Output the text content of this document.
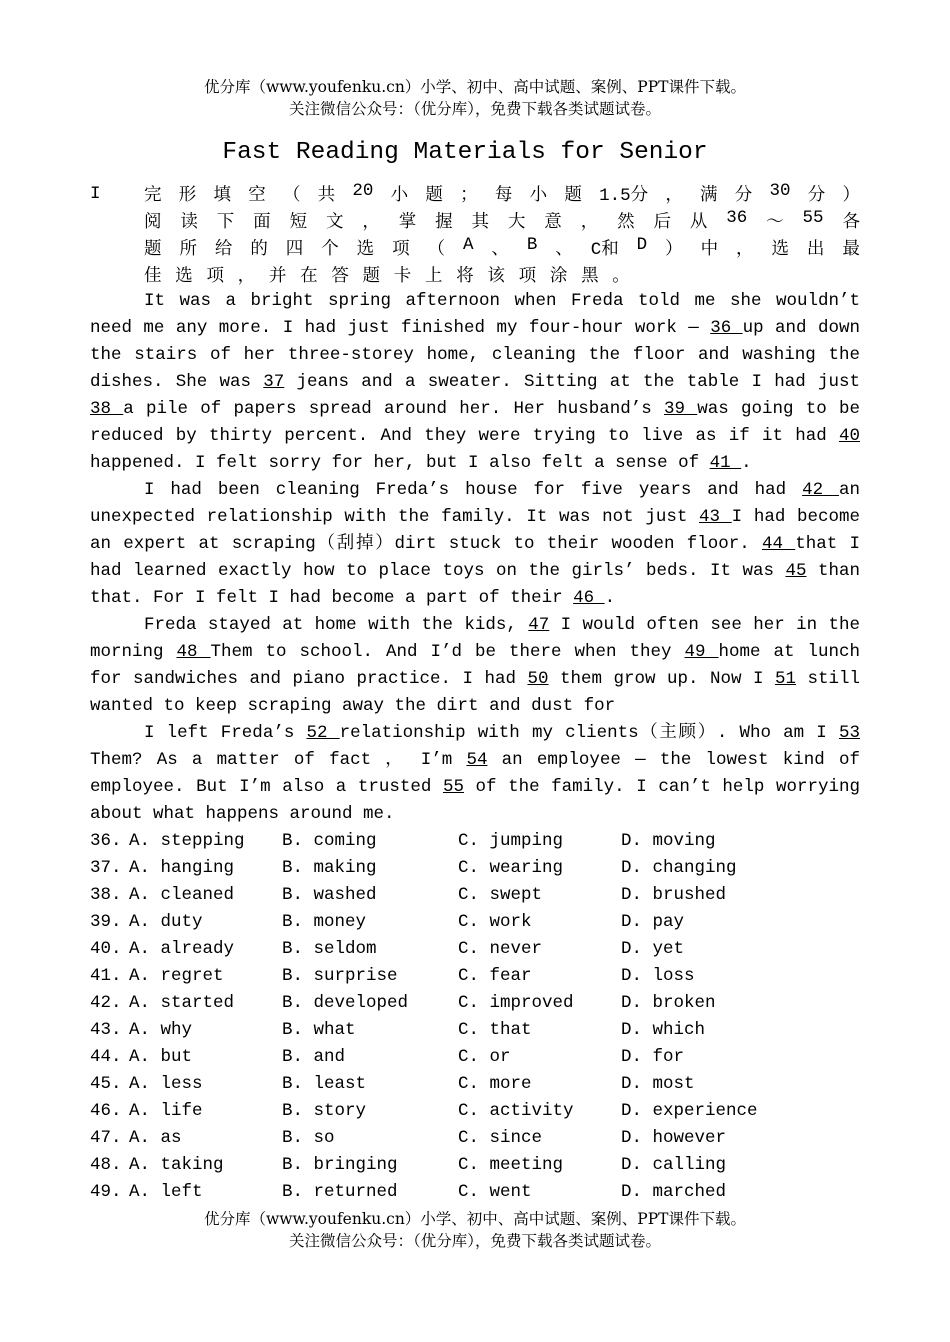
优分库（www.youfenku.cn）小学、初中、高中试题、案例、PPT课件下载。
关注微信公众号：（优分库），免费下载各类试题试卷。
Fast Reading Materials for Senior
I	完 形 填 空 （ 共 20 小 题 ； 每 小 题 1.5分 ， 满 分 30 分 ）
阅 读 下 面 短 文 ， 掌 握 其 大 意 ， 然 后 从 36 ～ 55 各
题 所 给 的 四 个 选 项 （ A 、 B 、 C和 D ） 中 ， 选 出 最
佳 选 项 ， 并 在 答 题 卡 上 将 该 项 涂 黑 。

It was a bright spring afternoon when Freda told me she wouldn’t need me any more. I had just finished my four-hour work — 36 up and down the stairs of her three-storey home, cleaning the floor and washing the dishes. She was 37 jeans and a sweater. Sitting at the table I had just 38 a pile of papers spread around her. Her husband’s 39 was going to be reduced by thirty percent. And they were trying to live as if it had 40 happened. I felt sorry for her, but I also felt a sense of 41 .

I had been cleaning Freda’s house for five years and had 42 an unexpected relationship with the family. It was not just 43 I had become an expert at scraping（刮掉）dirt stuck to their wooden floor. 44 that I had learned exactly how to place toys on the girls’ beds. It was 45 than that. For I felt I had become a part of their 46 .

Freda stayed at home with the kids, 47 I would often see her in the morning 48 Them to school. And I’d be there when they 49 home at lunch for sandwiches and piano practice. I had 50 them grow up. Now I 51 still wanted to keep scraping away the dirt and dust for

I left Freda’s 52 relationship with my clients（主顾）. Who am I 53 Them? As a matter of fact ， I’m 54 an employee — the lowest kind of employee. But I’m also a trusted 55 of the family. I can’t help worrying about what happens around me.

36. A. stepping B. coming	C. jumping	D. moving
37. A. hanging	B. making	C. wearing	D. changing
38. A. cleaned	B. washed	C. swept	D. brushed
39. A. duty	B. money	C. work	D. pay
40. A. already	B. seldom	C. never	D. yet
41. A. regret	B. surprise	C. fear	D. loss
42. A. started	B. developed	C. improved	D. broken
43. A. why	B. what	C. that	D. which
44. A. but	B. and	C. or	D. for
45. A. less	B. least	C. more	D. most
46. A. life	B. story	C. activity	D. experience
47. A. as	B. so	C. since	D. however
48. A. taking	B. bringing	C. meeting	D. calling
49. A. left	B. returned	C. went	D. marched
优分库（www.youfenku.cn）小学、初中、高中试题、案例、PPT课件下载。
关注微信公众号：（优分库），免费下载各类试题试卷。
